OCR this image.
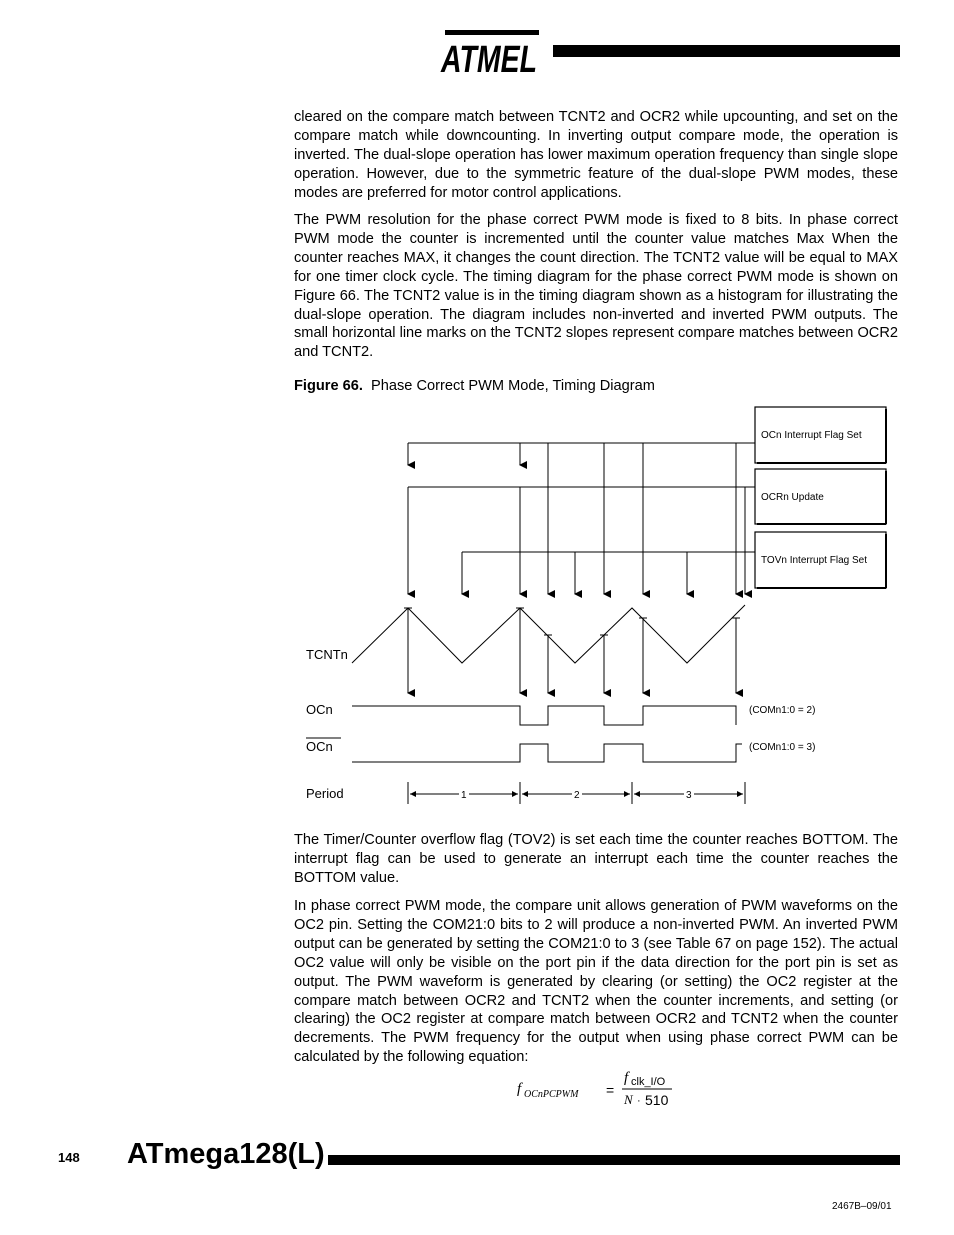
ATMEL

cleared on the compare match between TCNT2 and OCR2 while upcounting, and set on the compare match while downcounting. In inverting output compare mode, the operation is inverted. The dual-slope operation has lower maximum operation frequency than single slope operation. However, due to the symmetric feature of the dual-slope PWM modes, these modes are preferred for motor control applications.

The PWM resolution for the phase correct PWM mode is fixed to 8 bits. In phase correct PWM mode the counter is incremented until the counter value matches Max When the counter reaches MAX, it changes the count direction. The TCNT2 value will be equal to MAX for one timer clock cycle. The timing diagram for the phase correct PWM mode is shown on Figure 66. The TCNT2 value is in the timing diagram shown as a histogram for illustrating the dual-slope operation. The diagram includes non-inverted and inverted PWM outputs. The small horizontal line marks on the TCNT2 slopes represent compare matches between OCR2 and TCNT2.

Figure 66. Phase Correct PWM Mode, Timing Diagram

OCn Interrupt Flag Set
OCRn Update
TOVn Interrupt Flag Set
TCNTn
OCn
OCn
Period
(COMn1:0 = 2)
(COMn1:0 = 3)
1	2	3

The Timer/Counter overflow flag (TOV2) is set each time the counter reaches BOTTOM. The interrupt flag can be used to generate an interrupt each time the counter reaches the BOTTOM value.

In phase correct PWM mode, the compare unit allows generation of PWM waveforms on the OC2 pin. Setting the COM21:0 bits to 2 will produce a non-inverted PWM. An inverted PWM output can be generated by setting the COM21:0 to 3 (see Table 67 on page 152). The actual OC2 value will only be visible on the port pin if the data direction for the port pin is set as output. The PWM waveform is generated by clearing (or setting) the OC2 register at the compare match between OCR2 and TCNT2 when the counter increments, and setting (or clearing) the OC2 register at compare match between OCR2 and TCNT2 when the counter decrements. The PWM frequency for the output when using phase correct PWM can be calculated by the following equation:

f OCnPCPWM =
f clk_I/O
N · 510
148 ATmega128(L)
2467B–09/01
